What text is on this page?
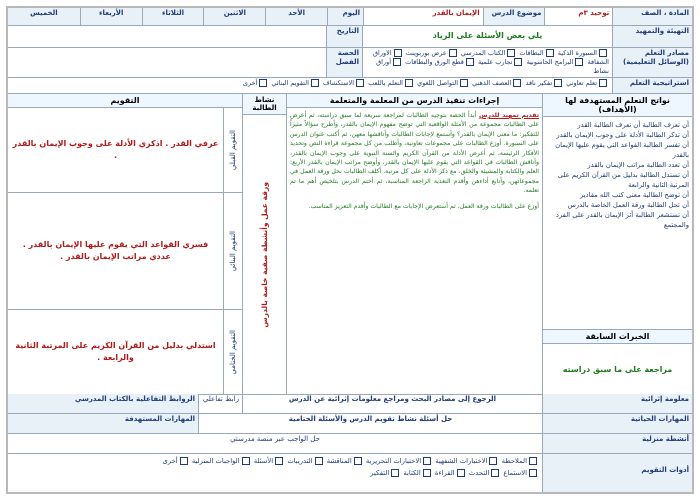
المادة ، الصف
توحيد ٣م
موضوع الدرس
الإيمان بالقدر
اليوم
الأحد
الاثنين
الثلاثاء
الأربعاء
الخميس
التهيئة والتمهيد
يلي بعض الأسئلة على الرياد
التاريخ
مصادر التعلم
(الوسائل التعليمية)
السبورة الذكية البطاقات الكتاب المدرسي عرض بوربوينت الاوراق الشفافة البرامج الحاسوبية تجارب علمية قطع الورق والبطاقات أوراق نشاط
الحصة
الفصل
استراتيجية التعلم
تعلم تعاوني تفكير ناقد العصف الذهني التواصل اللغوي التعلم باللعب الاستكشاف التقويم البنائي أخرى
نواتج التعلم المستهدفة لها (الأهداف)
أن تعرف الطالبة أن تعرف الطالبة القدر
أن تذكر الطالبة الأدلة على وجوب الإيمان بالقدر
أن تفسر الطالبة القواعد التي يقوم عليها الإيمان بالقدر
أن تعدد الطالبة مراتب الإيمان بالقدر
أن تستدل الطالبة بدليل من القرآن الكريم على المرتبة الثانية والرابعة
أن توضح الطالبة معنى كتب الله مقادير
أن تحل الطالبة ورقة العمل الخاصة بالدرس
أن تستشعر الطالبة أثر الإيمان بالقدر على الفرد والمجتمع
الخبرات السابقة
مراجعة على ما سبق دراسته
إجراءات تنفيذ الدرس من المعلمة والمتعلمة
تقديم تمهيد للدرس أبدأ الحصة بتوجيه الطالبات لمراجعة سريعة لما سبق دراسته، ثم أعرض على الطالبات مجموعة من الأمثلة الواقعية التي توضح مفهوم الإيمان بالقدر، وأطرح سؤالاً مثيراً للتفكير: ما معنى الإيمان بالقدر؟ وأستمع لإجابات الطالبات وأناقشها معهن، ثم أكتب عنوان الدرس على السبورة. أوزع الطالبات على مجموعات تعاونية، وأطلب من كل مجموعة قراءة النص وتحديد الأفكار الرئيسة، ثم أعرض الأدلة من القرآن الكريم والسنة النبوية على وجوب الإيمان بالقدر، وأناقش الطالبات في القواعد التي يقوم عليها الإيمان بالقدر، وأوضح مراتب الإيمان بالقدر الأربع: العلم والكتابة والمشيئة والخلق، مع ذكر الأدلة على كل مرتبة. أكلف الطالبات بحل ورقة العمل في مجموعاتهن، وأتابع أداءهن وأقدم التغذية الراجعة المناسبة، ثم أختم الدرس بتلخيص أهم ما تم تعلمه.
أوزع على الطالبات ورقة العمل، ثم أستعرض الإجابات مع الطالبات وأقدم التعزيز المناسب.
نشاط الطالبة
ورقة عمل وأنشطة صفية خاصة بالدرس
التقويم
التقويم القبلي
عرفي القدر . اذكري الأدلة على وجوب الإيمان بالقدر .
التقويم البنائي
فسري القواعد التي يقوم عليها الإيمان بالقدر . عددي مراتب الإيمان بالقدر .
التقويم الختامي
استدلي بدليل من القرآن الكريم على المرتبة الثانية والرابعة .
معلومة إثرائية
الرجوع إلى مصادر البحث ومراجع معلومات إثرائية عن الدرس
رابط تفاعلي
الروابط التفاعلية بالكتاب المدرسي
المهارات الحياتية
حل أسئلة نشاط تقويم الدرس والأسئلة الختامية
المهارات المستهدفة
أنشطة منزلية
حل الواجب عبر منصة مدرستي
أدوات التقويم
الملاحظة الاختبارات الشفهية الاختبارات التحريرية المناقشة التدريبات الأسئلة الواجبات المنزلية أخرى
الاستماع التحدث القراءة الكتابة التفكير
